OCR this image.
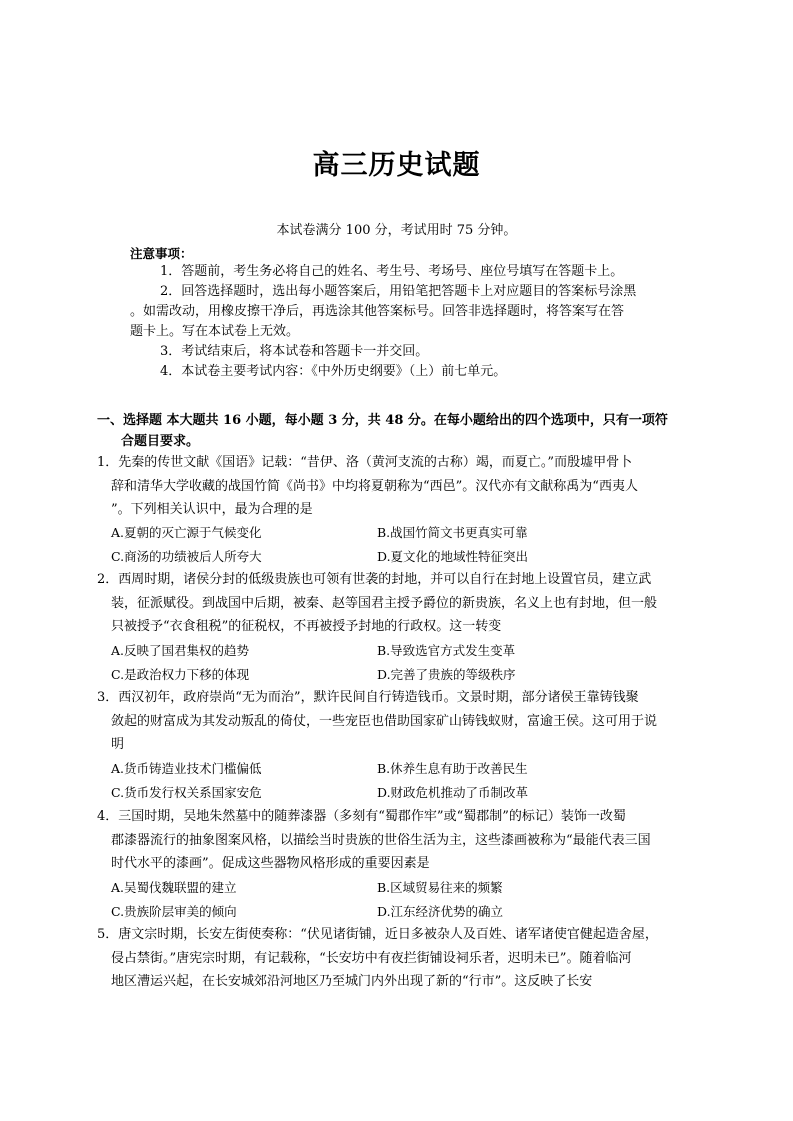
高三历史试题
本试卷满分 100 分，考试用时 75 分钟。
注意事项：
1．答题前，考生务必将自己的姓名、考生号、考场号、座位号填写在答题卡上。
2．回答选择题时，选出每小题答案后，用铅笔把答题卡上对应题目的答案标号涂黑
。如需改动，用橡皮擦干净后，再选涂其他答案标号。回答非选择题时，将答案写在答
题卡上。写在本试卷上无效。
3．考试结束后，将本试卷和答题卡一并交回。
4．本试卷主要考试内容：《中外历史纲要》（上）前七单元。
一、选择题 本大题共 16 小题，每小题 3 分，共 48 分。在每小题给出的四个选项中，只有一项符
合题目要求。
1．先秦的传世文献《国语》记载：“昔伊、洛（黄河支流的古称）竭，而夏亡。”而殷墟甲骨卜
辞和清华大学收藏的战国竹简《尚书》中均将夏朝称为“西邑”。汉代亦有文献称禹为“西夷人
”。下列相关认识中，最为合理的是
A.夏朝的灭亡源于气候变化	B.战国竹简文书更真实可靠
C.商汤的功绩被后人所夸大	D.夏文化的地域性特征突出
2．西周时期，诸侯分封的低级贵族也可领有世袭的封地，并可以自行在封地上设置官员，建立武
装，征派赋役。到战国中后期，被秦、赵等国君主授予爵位的新贵族，名义上也有封地，但一般
只被授予“衣食租税”的征税权，不再被授予封地的行政权。这一转变
A.反映了国君集权的趋势	B.导致选官方式发生变革
C.是政治权力下移的体现	D.完善了贵族的等级秩序
3．西汉初年，政府崇尚“无为而治”，默许民间自行铸造钱币。文景时期，部分诸侯王靠铸钱聚
敛起的财富成为其发动叛乱的倚仗，一些宠臣也借助国家矿山铸钱蚁财，富逾王侯。这可用于说
明
A.货币铸造业技术门槛偏低	B.休养生息有助于改善民生
C.货币发行权关系国家安危	D.财政危机推动了币制改革
4．三国时期，吴地朱然墓中的随葬漆器（多刻有“蜀郡作牢”或“蜀郡制”的标记）装饰一改蜀
郡漆器流行的抽象图案风格，以描绘当时贵族的世俗生活为主，这些漆画被称为“最能代表三国
时代水平的漆画”。促成这些器物风格形成的重要因素是
A.吴蜀伐魏联盟的建立	B.区域贸易往来的频繁
C.贵族阶层审美的倾向	D.江东经济优势的确立
5．唐文宗时期，长安左街使奏称：“伏见诸街铺，近日多被杂人及百姓、诸军诸使官健起造舍屋，
侵占禁街。”唐宪宗时期，有记载称，“长安坊中有夜拦街铺设祠乐者，迟明未已”。随着临河
地区漕运兴起，在长安城郊沿河地区乃至城门内外出现了新的“行市”。这反映了长安
